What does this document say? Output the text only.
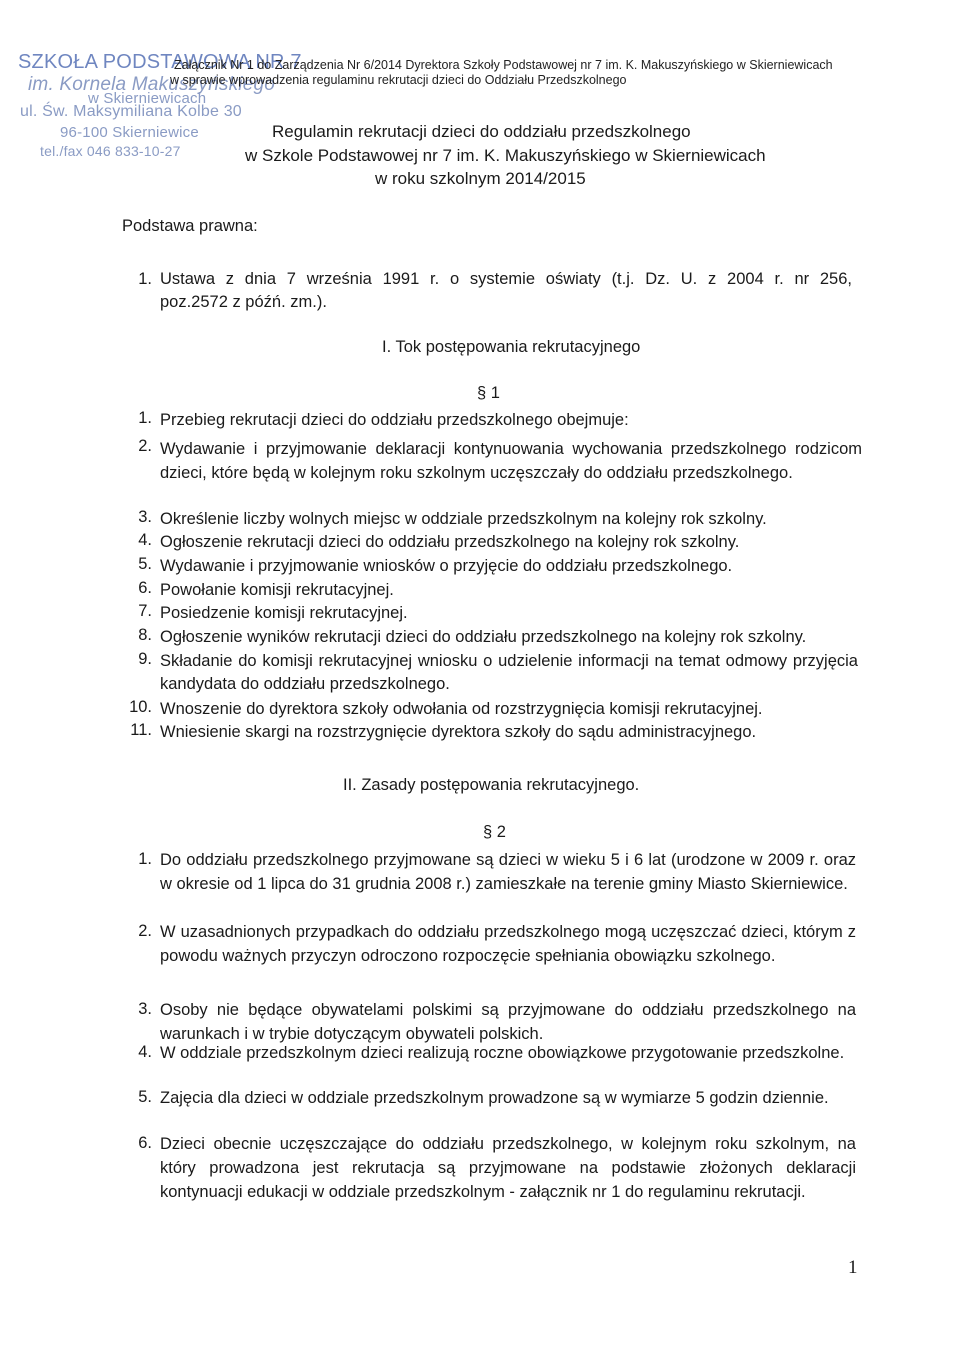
SZKOŁA PODSTAWOWA NR 7
im. Kornela Makuszyńskiego
w Skierniewicach
ul. Św. Maksymiliana Kolbe 30
96-100 Skierniewice
tel./fax 046 833-10-27
Załącznik Nr 1 do Zarządzenia Nr 6/2014 Dyrektora Szkoły Podstawowej nr 7 im. K. Makuszyńskiego w Skierniewicach
w sprawie wprowadzenia regulaminu rekrutacji dzieci do Oddziału Przedszkolnego
Regulamin rekrutacji dzieci do oddziału przedszkolnego
w Szkole Podstawowej nr 7 im. K. Makuszyńskiego w Skierniewicach
w roku szkolnym 2014/2015
Podstawa prawna:
1. Ustawa z dnia 7 września 1991 r. o systemie oświaty (t.j. Dz. U. z 2004 r. nr 256,
poz.2572 z późń. zm.).
I. Tok postępowania rekrutacyjnego
§ 1
1. Przebieg rekrutacji dzieci do oddziału przedszkolnego obejmuje:
2. Wydawanie i przyjmowanie deklaracji kontynuowania wychowania przedszkolnego rodzicom dzieci, które będą w kolejnym roku szkolnym uczęszczały do oddziału przedszkolnego.
3. Określenie liczby wolnych miejsc w oddziale przedszkolnym na kolejny rok szkolny.
4. Ogłoszenie rekrutacji dzieci do oddziału przedszkolnego na kolejny rok szkolny.
5. Wydawanie i przyjmowanie wniosków o przyjęcie do oddziału przedszkolnego.
6. Powołanie komisji rekrutacyjnej.
7. Posiedzenie komisji rekrutacyjnej.
8. Ogłoszenie wyników rekrutacji dzieci do oddziału przedszkolnego na kolejny rok szkolny.
9. Składanie do komisji rekrutacyjnej wniosku o udzielenie informacji na temat odmowy przyjęcia kandydata do oddziału przedszkolnego.
10. Wnoszenie do dyrektora szkoły odwołania od rozstrzygnięcia komisji rekrutacyjnej.
11. Wniesienie skargi na rozstrzygnięcie dyrektora szkoły do sądu administracyjnego.
II. Zasady postępowania rekrutacyjnego.
§ 2
1. Do oddziału przedszkolnego przyjmowane są dzieci w wieku 5 i 6 lat (urodzone w 2009 r. oraz w okresie od 1 lipca do 31 grudnia 2008 r.) zamieszkałe na terenie gminy Miasto Skierniewice.
2. W uzasadnionych przypadkach do oddziału przedszkolnego mogą uczęszczać dzieci, którym z powodu ważnych przyczyn odroczono rozpoczęcie spełniania obowiązku szkolnego.
3. Osoby nie będące obywatelami polskimi są przyjmowane do oddziału przedszkolnego na warunkach i w trybie dotyczącym obywateli polskich.
4. W oddziale przedszkolnym dzieci realizują roczne obowiązkowe przygotowanie przedszkolne.
5. Zajęcia dla dzieci w oddziale przedszkolnym prowadzone są w wymiarze 5 godzin dziennie.
6. Dzieci obecnie uczęszczające do oddziału przedszkolnego, w kolejnym roku szkolnym, na który prowadzona jest rekrutacja są przyjmowane na podstawie złożonych deklaracji kontynuacji edukacji w oddziale przedszkolnym - załącznik nr 1 do regulaminu rekrutacji.
1
